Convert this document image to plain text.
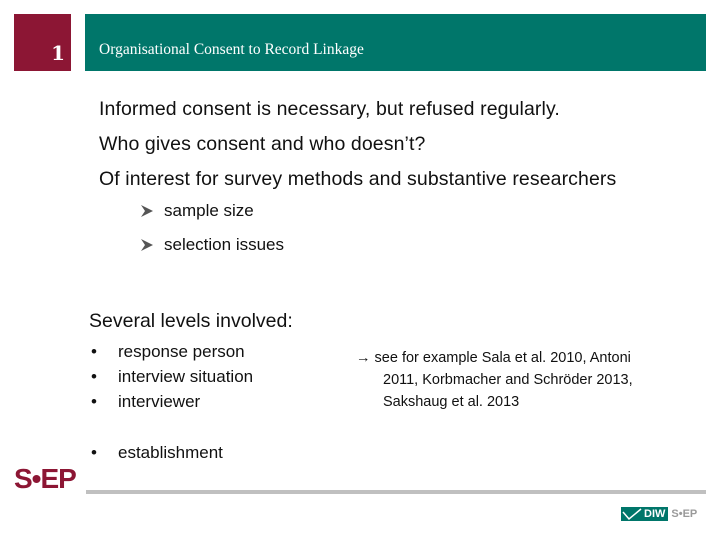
1 Organisational Consent to Record Linkage

Informed consent is necessary, but refused regularly.

Who gives consent and who doesn’t?

Of interest for survey methods and substantive researchers

sample size
selection issues
Several levels involved:
•	response person
•	interview situation
•	interviewer
•	establishment
→ see for example Sala et al. 2010, Antoni
2011, Korbmacher and Schröder 2013,
Sakshaug et al. 2013
S•EP
DIW S•EP
